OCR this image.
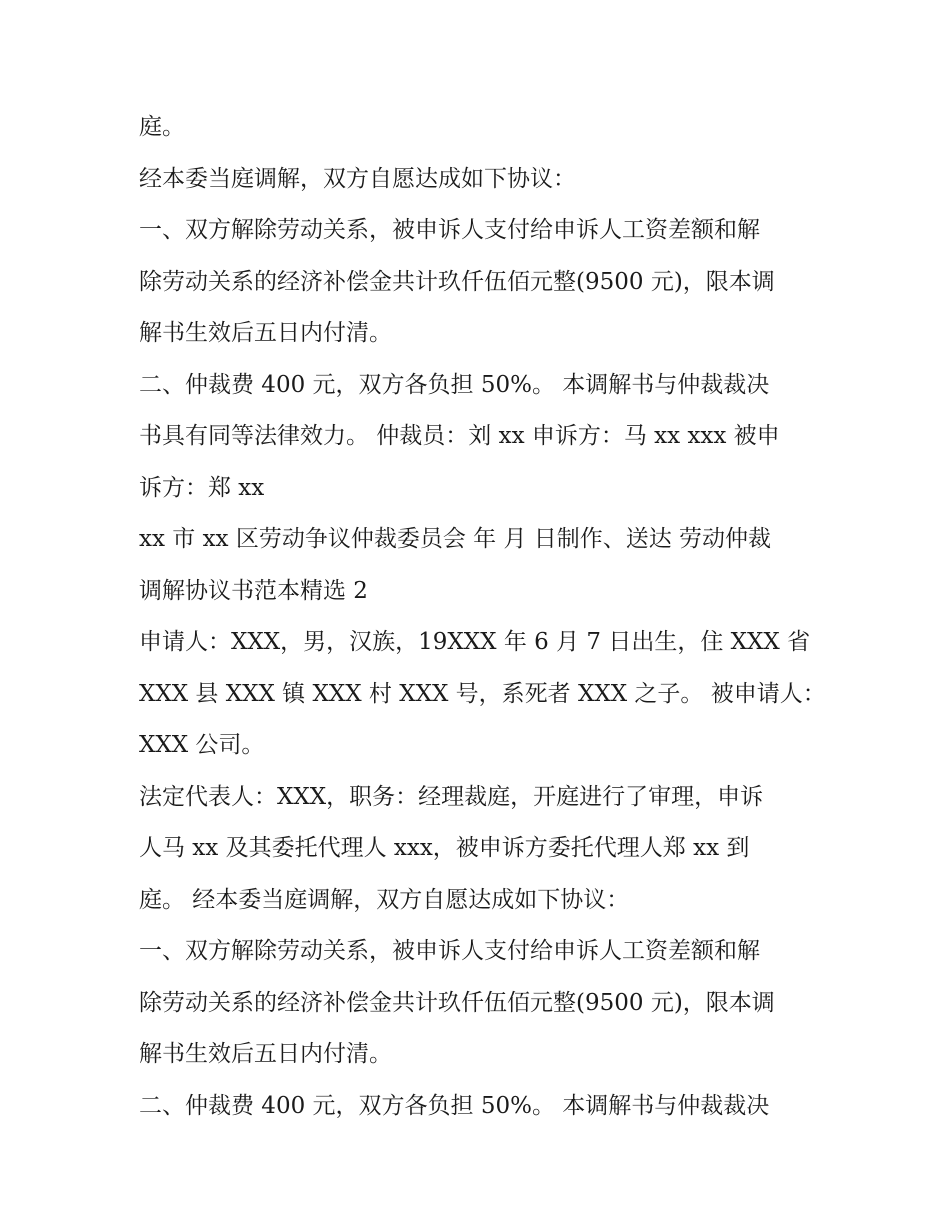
庭。
经本委当庭调解，双方自愿达成如下协议：
一、双方解除劳动关系，被申诉人支付给申诉人工资差额和解
除劳动关系的经济补偿金共计玖仟伍佰元整(9500 元)，限本调
解书生效后五日内付清。
二、仲裁费 400 元，双方各负担 50%。 本调解书与仲裁裁决
书具有同等法律效力。 仲裁员：刘 xx 申诉方：马 xx xxx 被申
诉方：郑 xx
xx 市 xx 区劳动争议仲裁委员会 年 月 日制作、送达 劳动仲裁
调解协议书范本精选 2
申请人：XXX，男，汉族，19XXX 年 6 月 7 日出生，住 XXX 省
XXX 县 XXX 镇 XXX 村 XXX 号，系死者 XXX 之子。 被申请人：
XXX 公司。
法定代表人：XXX，职务：经理裁庭，开庭进行了审理，申诉
人马 xx 及其委托代理人 xxx，被申诉方委托代理人郑 xx 到
庭。 经本委当庭调解，双方自愿达成如下协议：
一、双方解除劳动关系，被申诉人支付给申诉人工资差额和解
除劳动关系的经济补偿金共计玖仟伍佰元整(9500 元)，限本调
解书生效后五日内付清。
二、仲裁费 400 元，双方各负担 50%。 本调解书与仲裁裁决
